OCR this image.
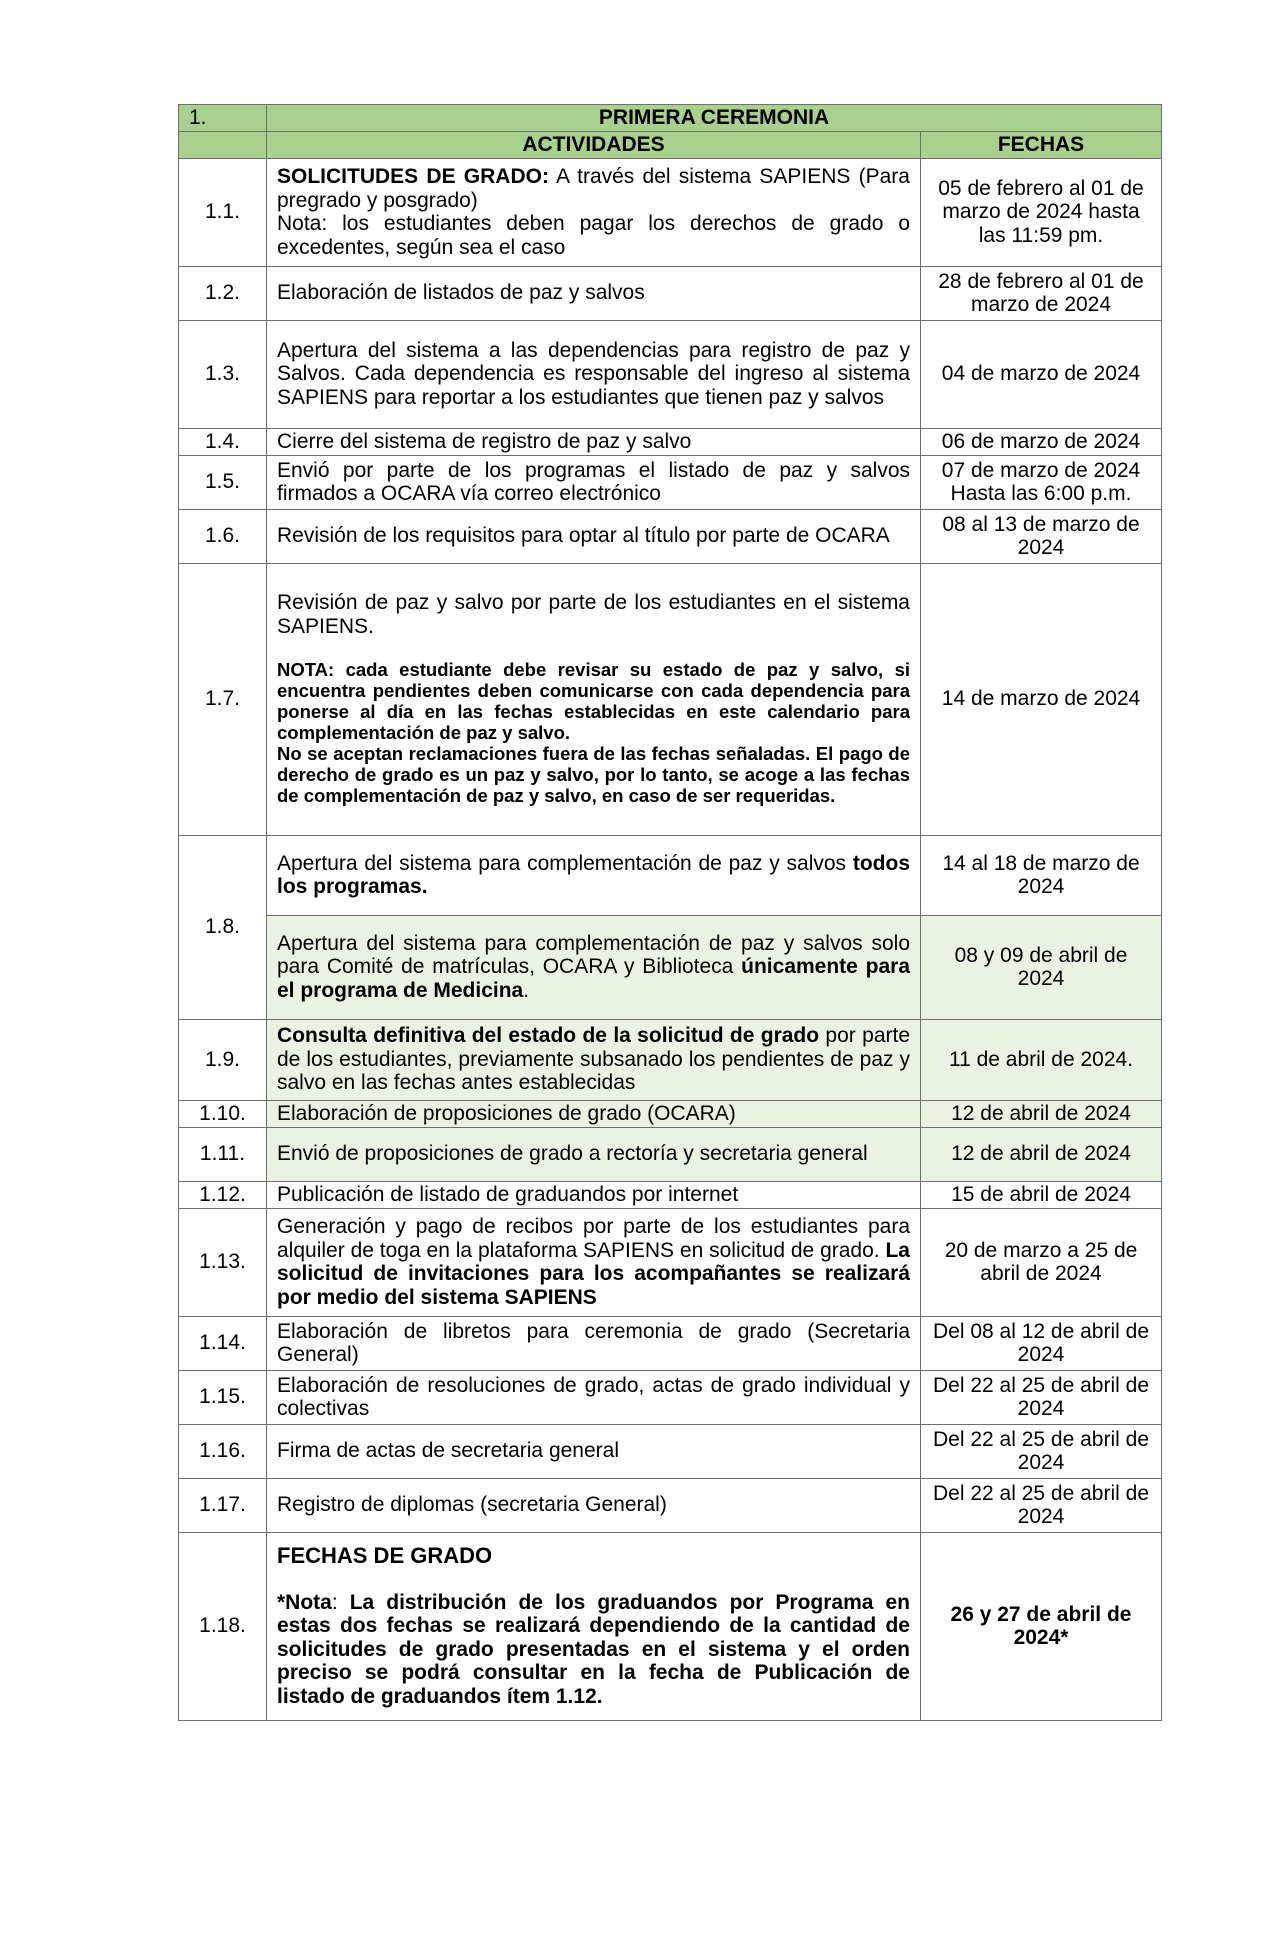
1.	PRIMERA CEREMONIA	
	ACTIVIDADES	FECHAS
1.1.	SOLICITUDES DE GRADO: A través del sistema SAPIENS (Para pregrado y posgrado)
Nota: los estudiantes deben pagar los derechos de grado o excedentes, según sea el caso	05 de febrero al 01 de marzo de 2024 hasta las 11:59 pm.
1.2.	Elaboración de listados de paz y salvos	28 de febrero al 01 de marzo de 2024
1.3.	Apertura del sistema a las dependencias para registro de paz y Salvos. Cada dependencia es responsable del ingreso al sistema SAPIENS para reportar a los estudiantes que tienen paz y salvos	04 de marzo de 2024
1.4.	Cierre del sistema de registro de paz y salvo	06 de marzo de 2024
1.5.	Envió por parte de los programas el listado de paz y salvos firmados a OCARA vía correo electrónico	07 de marzo de 2024 Hasta las 6:00 p.m.
1.6.	Revisión de los requisitos para optar al título por parte de OCARA	08 al 13 de marzo de 2024
1.7.	Revisión de paz y salvo por parte de los estudiantes en el sistema SAPIENS.
NOTA: cada estudiante debe revisar su estado de paz y salvo, si encuentra pendientes deben comunicarse con cada dependencia para ponerse al día en las fechas establecidas en este calendario para complementación de paz y salvo.
No se aceptan reclamaciones fuera de las fechas señaladas. El pago de derecho de grado es un paz y salvo, por lo tanto, se acoge a las fechas de complementación de paz y salvo, en caso de ser requeridas.	14 de marzo de 2024
1.8.	Apertura del sistema para complementación de paz y salvos todos los programas.	14 al 18 de marzo de 2024
	Apertura del sistema para complementación de paz y salvos solo para Comité de matrículas, OCARA y Biblioteca únicamente para el programa de Medicina.	08 y 09 de abril de 2024
1.9.	Consulta definitiva del estado de la solicitud de grado por parte de los estudiantes, previamente subsanado los pendientes de paz y salvo en las fechas antes establecidas	11 de abril de 2024.
1.10.	Elaboración de proposiciones de grado (OCARA)	12 de abril de 2024
1.11.	Envió de proposiciones de grado a rectoría y secretaria general	12 de abril de 2024
1.12.	Publicación de listado de graduandos por internet	15 de abril de 2024
1.13.	Generación y pago de recibos por parte de los estudiantes para alquiler de toga en la plataforma SAPIENS en solicitud de grado. La solicitud de invitaciones para los acompañantes se realizará por medio del sistema SAPIENS	20 de marzo a 25 de abril de 2024
1.14.	Elaboración de libretos para ceremonia de grado (Secretaria General)	Del 08 al 12 de abril de 2024
1.15.	Elaboración de resoluciones de grado, actas de grado individual y colectivas	Del 22 al 25 de abril de 2024
1.16.	Firma de actas de secretaria general	Del 22 al 25 de abril de 2024
1.17.	Registro de diplomas (secretaria General)	Del 22 al 25 de abril de 2024
1.18.	FECHAS DE GRADO
*Nota: La distribución de los graduandos por Programa en estas dos fechas se realizará dependiendo de la cantidad de solicitudes de grado presentadas en el sistema y el orden preciso se podrá consultar en la fecha de Publicación de listado de graduandos ítem 1.12.	26 y 27 de abril de 2024*
